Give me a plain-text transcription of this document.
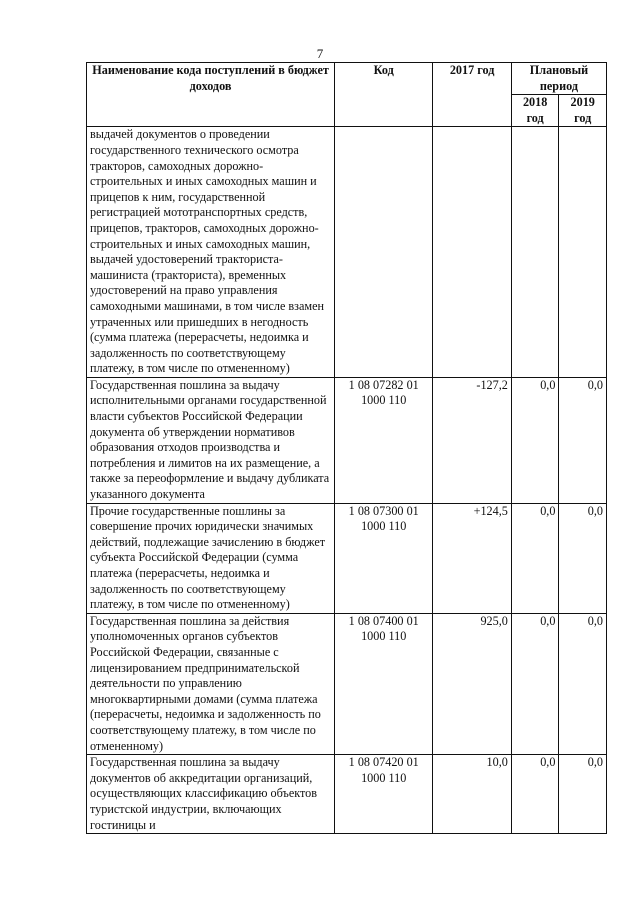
7
Наименование кода поступлений в бюджет доходов	Код	2017 год	Плановый период	
			2018 год	2019 год
выдачей документов о проведении государственного технического осмотра тракторов, самоходных дорожно-строительных и иных самоходных машин и прицепов к ним, государственной регистрацией мототранспортных средств, прицепов, тракторов, самоходных дорожно-строительных и иных самоходных машин, выдачей удостоверений тракториста-машиниста (тракториста), временных удостоверений на право управления самоходными машинами, в том числе взамен утраченных или пришедших в негодность (сумма платежа (перерасчеты, недоимка и задолженность по соответствующему платежу, в том числе по отмененному)				
Государственная пошлина за выдачу исполнительными органами государственной власти субъектов Российской Федерации документа об утверждении нормативов образования отходов производства и потребления и лимитов на их размещение, а также за переоформление и выдачу дубликата указанного документа	1 08 07282 01 1000 110	-127,2	0,0	0,0
Прочие государственные пошлины за совершение прочих юридически значимых действий, подлежащие зачислению в бюджет субъекта Российской Федерации (сумма платежа (перерасчеты, недоимка и задолженность по соответствующему платежу, в том числе по отмененному)	1 08 07300 01 1000 110	+124,5	0,0	0,0
Государственная пошлина за действия уполномоченных органов субъектов Российской Федерации, связанные с лицензированием предпринимательской деятельности по управлению многоквартирными домами (сумма платежа (перерасчеты, недоимка и задолженность по соответствующему платежу, в том числе по отмененному)	1 08 07400 01 1000 110	925,0	0,0	0,0
Государственная пошлина за выдачу документов об аккредитации организаций, осуществляющих классификацию объектов туристской индустрии, включающих гостиницы и	1 08 07420 01 1000 110	10,0	0,0	0,0
